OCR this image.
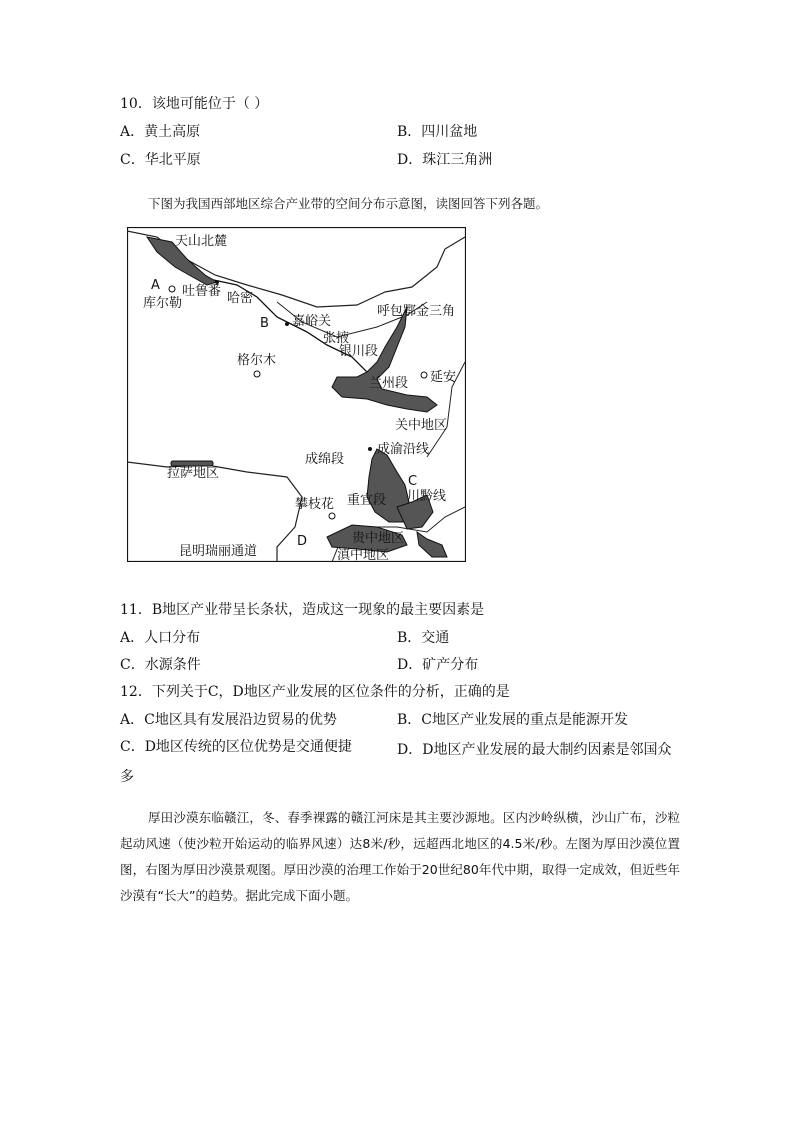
10．该地可能位于（ ）
A．黄土高原	B．四川盆地
C．华北平原	D．珠江三角洲
下图为我国西部地区综合产业带的空间分布示意图，读图回答下列各题。
天山北麓
A
库尔勒
吐鲁番 哈密
B 嘉峪关
张掖
银川段
呼包鄂金三角
格尔木
兰州段 延安
关中地区
成绵段
成渝沿线
C
重宜段 川黔线
拉萨地区
攀枝花
D	贵中地区
滇中地区
昆明瑞丽通道
11．B地区产业带呈长条状，造成这一现象的最主要因素是
A．人口分布	B．交通
C．水源条件	D．矿产分布
12．下列关于C，D地区产业发展的区位条件的分析，正确的是
A．C地区具有发展沿边贸易的优势	B．C地区产业发展的重点是能源开发
C．D地区传统的区位优势是交通便捷	D．D地区产业发展的最大制约因素是邻国众多
厚田沙漠东临赣江，冬、春季裸露的赣江河床是其主要沙源地。区内沙岭纵横，沙山广布，沙粒起动风速（使沙粒开始运动的临界风速）达8米/秒，远超西北地区的4.5米/秒。左图为厚田沙漠位置图，右图为厚田沙漠景观图。厚田沙漠的治理工作始于20世纪80年代中期，取得一定成效，但近些年沙漠有“长大”的趋势。据此完成下面小题。
